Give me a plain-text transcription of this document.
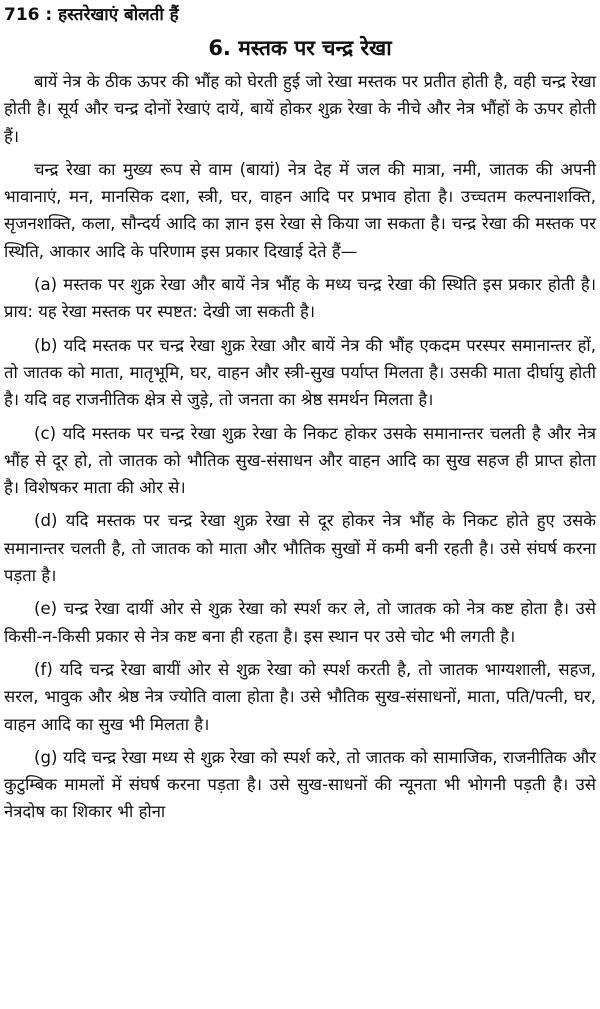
716 : हस्तरेखाएं बोलती हैं
6. मस्तक पर चन्द्र रेखा

बायें नेत्र के ठीक ऊपर की भौंह को घेरती हुई जो रेखा मस्तक पर प्रतीत होती है, वही चन्द्र रेखा होती है। सूर्य और चन्द्र दोनों रेखाएं दायें, बायें होकर शुक्र रेखा के नीचे और नेत्र भौंहों के ऊपर होती हैं।

चन्द्र रेखा का मुख्य रूप से वाम (बायां) नेत्र देह में जल की मात्रा, नमी, जातक की अपनी भावानाएं, मन, मानसिक दशा, स्त्री, घर, वाहन आदि पर प्रभाव होता है। उच्चतम कल्पनाशक्ति, सृजनशक्ति, कला, सौन्दर्य आदि का ज्ञान इस रेखा से किया जा सकता है। चन्द्र रेखा की मस्तक पर स्थिति, आकार आदि के परिणाम इस प्रकार दिखाई देते हैं—

(a) मस्तक पर शुक्र रेखा और बायें नेत्र भौंह के मध्य चन्द्र रेखा की स्थिति इस प्रकार होती है। प्राय: यह रेखा मस्तक पर स्पष्टत: देखी जा सकती है।

(b) यदि मस्तक पर चन्द्र रेखा शुक्र रेखा और बायें नेत्र की भौंह एकदम परस्पर समानान्तर हों, तो जातक को माता, मातृभूमि, घर, वाहन और स्त्री-सुख पर्याप्त मिलता है। उसकी माता दीर्घायु होती है। यदि वह राजनीतिक क्षेत्र से जुड़े, तो जनता का श्रेष्ठ समर्थन मिलता है।

(c) यदि मस्तक पर चन्द्र रेखा शुक्र रेखा के निकट होकर उसके समानान्तर चलती है और नेत्र भौंह से दूर हो, तो जातक को भौतिक सुख-संसाधन और वाहन आदि का सुख सहज ही प्राप्त होता है। विशेषकर माता की ओर से।

(d) यदि मस्तक पर चन्द्र रेखा शुक्र रेखा से दूर होकर नेत्र भौंह के निकट होते हुए उसके समानान्तर चलती है, तो जातक को माता और भौतिक सुखों में कमी बनी रहती है। उसे संघर्ष करना पड़ता है।

(e) चन्द्र रेखा दायीं ओर से शुक्र रेखा को स्पर्श कर ले, तो जातक को नेत्र कष्ट होता है। उसे किसी-न-किसी प्रकार से नेत्र कष्ट बना ही रहता है। इस स्थान पर उसे चोट भी लगती है।

(f) यदि चन्द्र रेखा बायीं ओर से शुक्र रेखा को स्पर्श करती है, तो जातक भाग्यशाली, सहज, सरल, भावुक और श्रेष्ठ नेत्र ज्योति वाला होता है। उसे भौतिक सुख-संसाधनों, माता, पति/पत्नी, घर, वाहन आदि का सुख भी मिलता है।

(g) यदि चन्द्र रेखा मध्य से शुक्र रेखा को स्पर्श करे, तो जातक को सामाजिक, राजनीतिक और कुटुम्बिक मामलों में संघर्ष करना पड़ता है। उसे सुख-साधनों की न्यूनता भी भोगनी पड़ती है। उसे नेत्रदोष का शिकार भी होना
